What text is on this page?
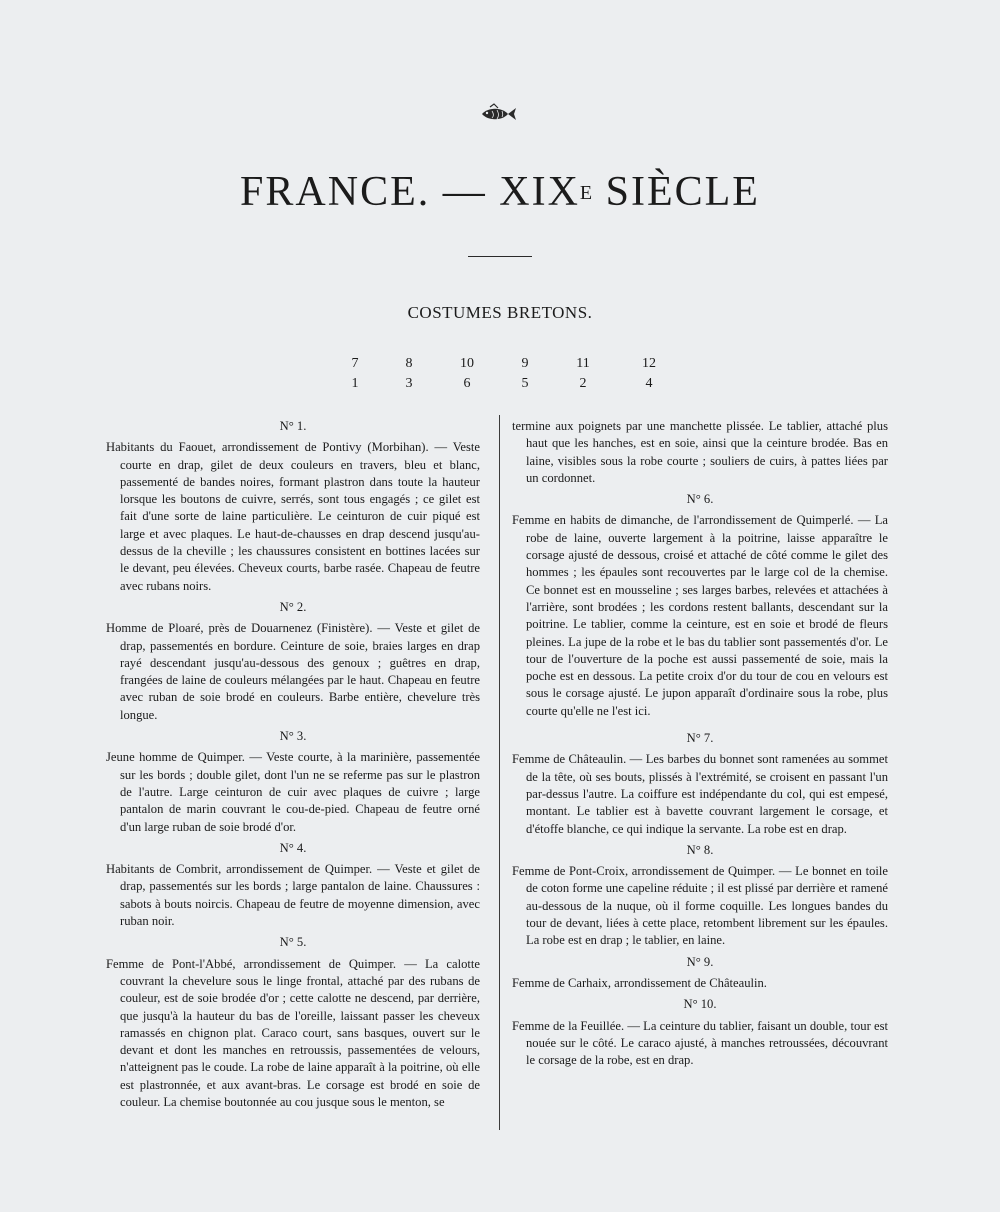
FRANCE. — $XIX^E$ SIÈCLE
COSTUMES BRETONS.
7	8	10	9	11	12
1	3	6	5	2	4
N° 1.

Habitants du Faouet, arrondissement de Pontivy (Morbihan). — Veste courte en drap, gilet de deux couleurs en travers, bleu et blanc, passementé de bandes noires, formant plastron dans toute la hauteur lorsque les boutons de cuivre, serrés, sont tous engagés ; ce gilet est fait d'une sorte de laine particulière. Le ceinturon de cuir piqué est large et avec plaques. Le haut-de-chausses en drap descend jusqu'au-dessus de la cheville ; les chaussures consistent en bottines lacées sur le devant, peu élevées. Cheveux courts, barbe rasée. Chapeau de feutre avec rubans noirs.

N° 2.

Homme de Ploaré, près de Douarnenez (Finistère). — Veste et gilet de drap, passementés en bordure. Ceinture de soie, braies larges en drap rayé descendant jusqu'au-dessous des genoux ; guêtres en drap, frangées de laine de couleurs mélangées par le haut. Chapeau en feutre avec ruban de soie brodé en couleurs. Barbe entière, chevelure très longue.

N° 3.

Jeune homme de Quimper. — Veste courte, à la marinière, passementée sur les bords ; double gilet, dont l'un ne se referme pas sur le plastron de l'autre. Large ceinturon de cuir avec plaques de cuivre ; large pantalon de marin couvrant le cou-de-pied. Chapeau de feutre orné d'un large ruban de soie brodé d'or.

N° 4.

Habitants de Combrit, arrondissement de Quimper. — Veste et gilet de drap, passementés sur les bords ; large pantalon de laine. Chaussures : sabots à bouts noircis. Chapeau de feutre de moyenne dimension, avec ruban noir.

N° 5.

Femme de Pont-l'Abbé, arrondissement de Quimper. — La calotte couvrant la chevelure sous le linge frontal, attaché par des rubans de couleur, est de soie brodée d'or ; cette calotte ne descend, par derrière, que jusqu'à la hauteur du bas de l'oreille, laissant passer les cheveux ramassés en chignon plat. Caraco court, sans basques, ouvert sur le devant et dont les manches en retroussis, passementées de velours, n'atteignent pas le coude. La robe de laine apparaît à la poitrine, où elle est plastronnée, et aux avant-bras. Le corsage est brodé en soie de couleur. La chemise boutonnée au cou jusque sous le menton, se

termine aux poignets par une manchette plissée. Le tablier, attaché plus haut que les hanches, est en soie, ainsi que la ceinture brodée. Bas en laine, visibles sous la robe courte ; souliers de cuirs, à pattes liées par un cordonnet.

N° 6.

Femme en habits de dimanche, de l'arrondissement de Quimperlé. — La robe de laine, ouverte largement à la poitrine, laisse apparaître le corsage ajusté de dessous, croisé et attaché de côté comme le gilet des hommes ; les épaules sont recouvertes par le large col de la chemise. Ce bonnet est en mousseline ; ses larges barbes, relevées et attachées à l'arrière, sont brodées ; les cordons restent ballants, descendant sur la poitrine. Le tablier, comme la ceinture, est en soie et brodé de fleurs pleines. La jupe de la robe et le bas du tablier sont passementés d'or. Le tour de l'ouverture de la poche est aussi passementé de soie, mais la poche est en dessous. La petite croix d'or du tour de cou en velours est sous le corsage ajusté. Le jupon apparaît d'ordinaire sous la robe, plus courte qu'elle ne l'est ici.

N° 7.

Femme de Châteaulin. — Les barbes du bonnet sont ramenées au sommet de la tête, où ses bouts, plissés à l'extrémité, se croisent en passant l'un par-dessus l'autre. La coiffure est indépendante du col, qui est empesé, montant. Le tablier est à bavette couvrant largement le corsage, et d'étoffe blanche, ce qui indique la servante. La robe est en drap.

N° 8.

Femme de Pont-Croix, arrondissement de Quimper. — Le bonnet en toile de coton forme une capeline réduite ; il est plissé par derrière et ramené au-dessous de la nuque, où il forme coquille. Les longues bandes du tour de devant, liées à cette place, retombent librement sur les épaules. La robe est en drap ; le tablier, en laine.

N° 9.

Femme de Carhaix, arrondissement de Châteaulin.

N° 10.

Femme de la Feuillée. — La ceinture du tablier, faisant un double, tour est nouée sur le côté. Le caraco ajusté, à manches retroussées, découvrant le corsage de la robe, est en drap.
